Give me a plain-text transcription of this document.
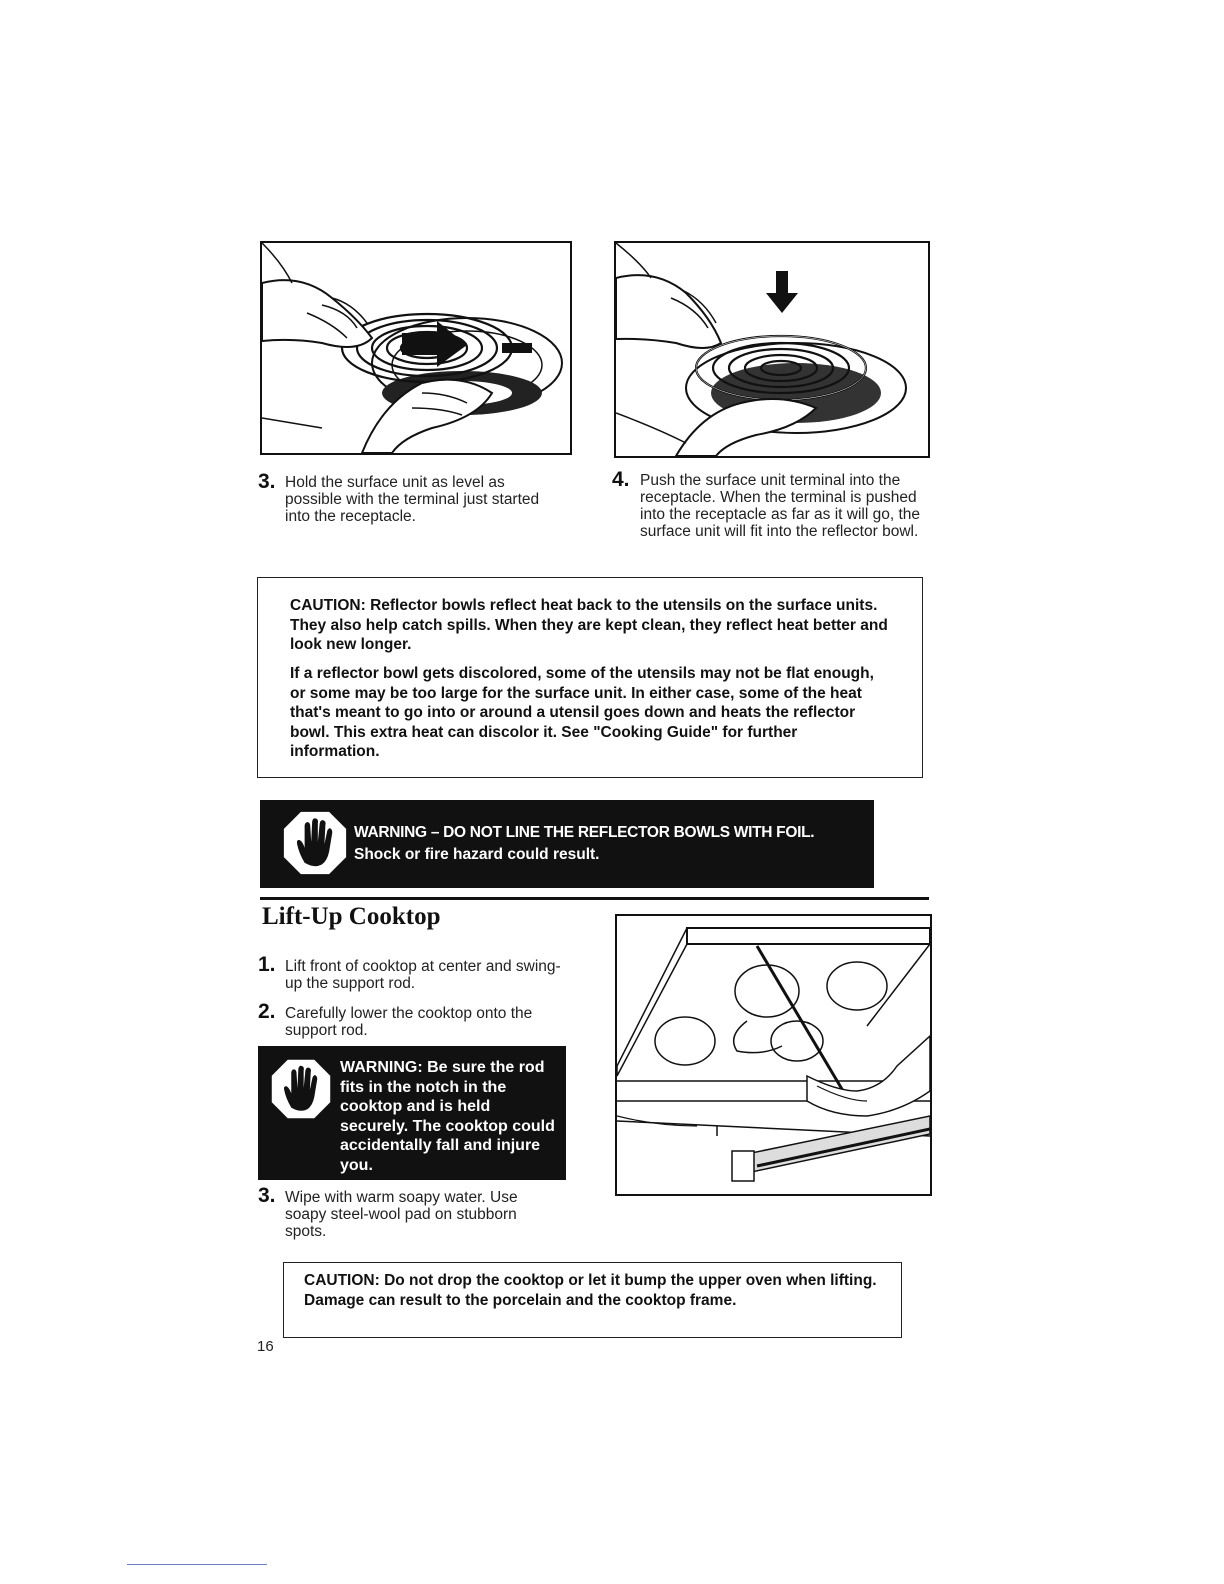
3. Hold the surface unit as level as possible with the terminal just started into the receptacle.
4. Push the surface unit terminal into the receptacle. When the terminal is pushed into the receptacle as far as it will go, the surface unit will fit into the reflector bowl.

CAUTION: Reflector bowls reflect heat back to the utensils on the surface units. They also help catch spills. When they are kept clean, they reflect heat better and look new longer.

If a reflector bowl gets discolored, some of the utensils may not be flat enough, or some may be too large for the surface unit. In either case, some of the heat that's meant to go into or around a utensil goes down and heats the reflector bowl. This extra heat can discolor it. See "Cooking Guide" for further information.

WARNING – DO NOT LINE THE REFLECTOR BOWLS WITH FOIL.

Shock or fire hazard could result.

Lift-Up Cooktop
1. Lift front of cooktop at center and swing-up the support rod.
2. Carefully lower the cooktop onto the support rod.

WARNING: Be sure the rod fits in the notch in the cooktop and is held securely. The cooktop could accidentally fall and injure you.

3. Wipe with warm soapy water. Use soapy steel-wool pad on stubborn spots.

CAUTION: Do not drop the cooktop or let it bump the upper oven when lifting. Damage can result to the porcelain and the cooktop frame.

16
